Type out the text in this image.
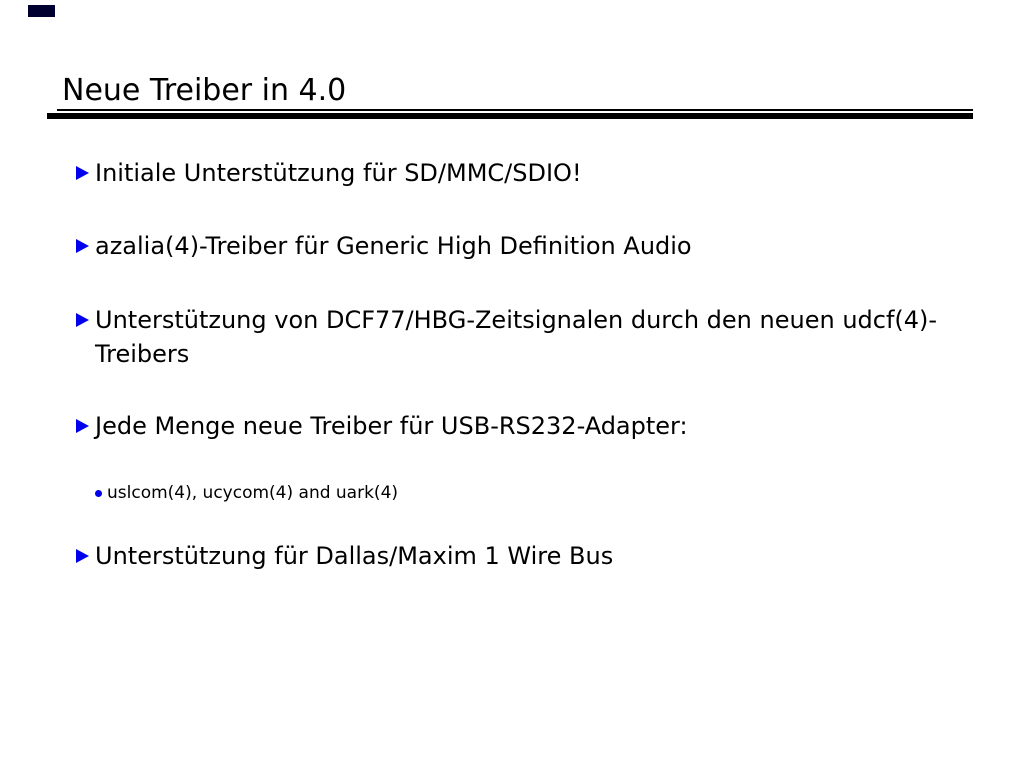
Neue Treiber in 4.0
Initiale Unterstützung für SD/MMC/SDIO!
azalia(4)-Treiber für Generic High Definition Audio
Unterstützung von DCF77/HBG-Zeitsignalen durch den neuen udcf(4)-Treibers
Jede Menge neue Treiber für USB-RS232-Adapter:
uslcom(4), ucycom(4) and uark(4)
Unterstützung für Dallas/Maxim 1 Wire Bus
